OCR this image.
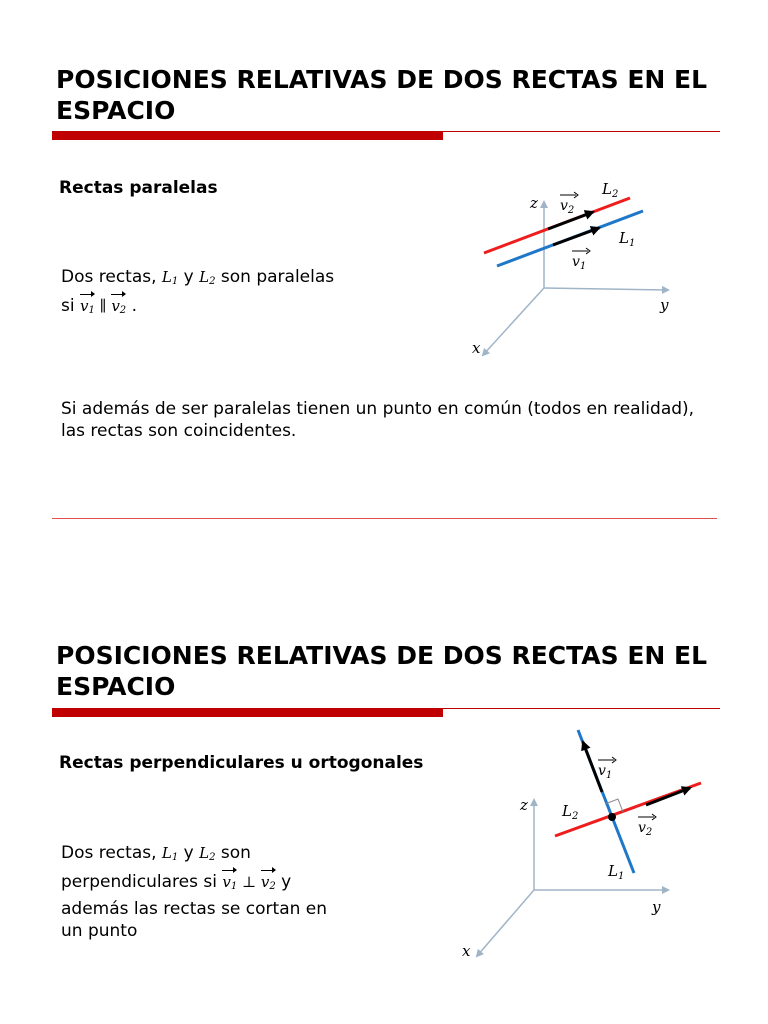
POSICIONES RELATIVAS DE DOS RECTAS EN EL ESPACIO

Rectas paralelas

Dos rectas, $L_1$ y $L_2$ son paralelas
si $v_1$ ∥ $v_2$ .

Si además de ser paralelas tienen un punto en común (todos en realidad), las rectas son coincidentes.

z
y
x
$v_2$
$v_1$
$L_2$
$L_1$
POSICIONES RELATIVAS DE DOS RECTAS EN EL ESPACIO

Rectas perpendiculares u ortogonales

Dos rectas, $L_1$ y $L_2$ son
perpendiculares si $v_1$ ⊥ $v_2$ y
además las rectas se cortan en
un punto

z
y
x
$v_1$
$v_2$
$L_2$
$L_1$
